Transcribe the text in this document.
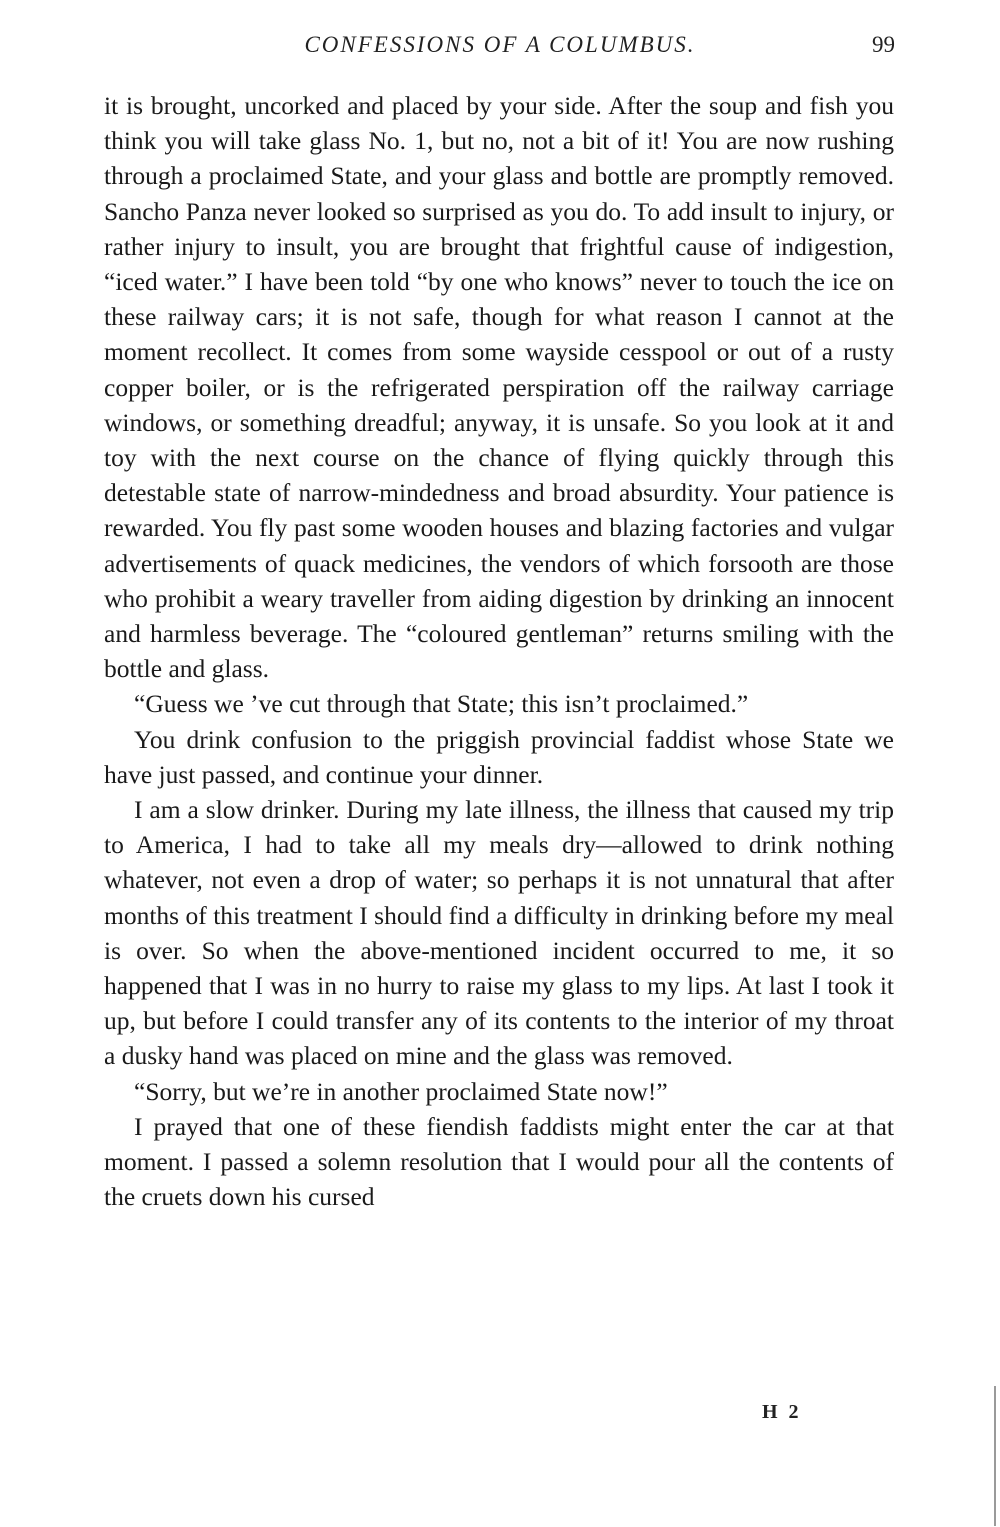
CONFESSIONS OF A COLUMBUS.	99

it is brought, uncorked and placed by your side. After the soup and fish you think you will take glass No. 1, but no, not a bit of it! You are now rushing through a proclaimed State, and your glass and bottle are promptly removed. Sancho Panza never looked so surprised as you do. To add insult to injury, or rather injury to insult, you are brought that frightful cause of indigestion, “iced water.” I have been told “by one who knows” never to touch the ice on these railway cars; it is not safe, though for what reason I cannot at the moment recollect. It comes from some wayside cesspool or out of a rusty copper boiler, or is the refrigerated perspiration off the railway carriage windows, or something dreadful; anyway, it is unsafe. So you look at it and toy with the next course on the chance of flying quickly through this detestable state of narrow-mindedness and broad absurdity. Your patience is rewarded. You fly past some wooden houses and blazing factories and vulgar advertisements of quack medicines, the vendors of which forsooth are those who prohibit a weary traveller from aiding digestion by drinking an innocent and harmless beverage. The “coloured gentleman” returns smiling with the bottle and glass.

“Guess we ’ve cut through that State; this isn’t proclaimed.”

You drink confusion to the priggish provincial faddist whose State we have just passed, and continue your dinner.

I am a slow drinker. During my late illness, the illness that caused my trip to America, I had to take all my meals dry—allowed to drink nothing whatever, not even a drop of water; so perhaps it is not unnatural that after months of this treatment I should find a difficulty in drinking before my meal is over. So when the above-mentioned incident occurred to me, it so happened that I was in no hurry to raise my glass to my lips. At last I took it up, but before I could transfer any of its contents to the interior of my throat a dusky hand was placed on mine and the glass was removed.

“Sorry, but we’re in another proclaimed State now!”

I prayed that one of these fiendish faddists might enter the car at that moment. I passed a solemn resolution that I would pour all the contents of the cruets down his cursed

H 2
